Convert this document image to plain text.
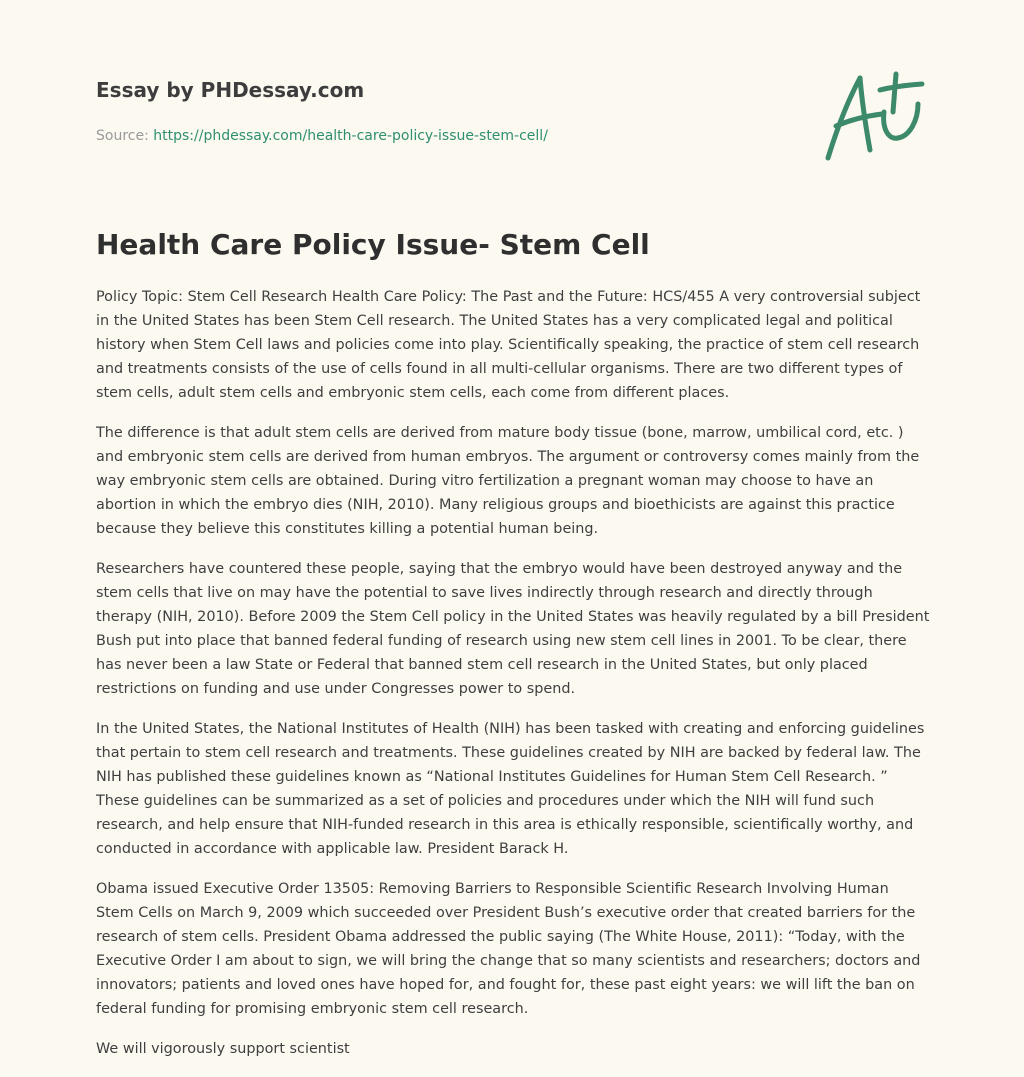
Essay by PHDessay.com
Source: https://phdessay.com/health-care-policy-issue-stem-cell/
Health Care Policy Issue- Stem Cell

Policy Topic: Stem Cell Research Health Care Policy: The Past and the Future: HCS/455 A very controversial subject in the United States has been Stem Cell research. The United States has a very complicated legal and political history when Stem Cell laws and policies come into play. Scientifically speaking, the practice of stem cell research and treatments consists of the use of cells found in all multi-cellular organisms. There are two different types of stem cells, adult stem cells and embryonic stem cells, each come from different places.

The difference is that adult stem cells are derived from mature body tissue (bone, marrow, umbilical cord, etc. ) and embryonic stem cells are derived from human embryos. The argument or controversy comes mainly from the way embryonic stem cells are obtained. During vitro fertilization a pregnant woman may choose to have an abortion in which the embryo dies (NIH, 2010). Many religious groups and bioethicists are against this practice because they believe this constitutes killing a potential human being.

Researchers have countered these people, saying that the embryo would have been destroyed anyway and the stem cells that live on may have the potential to save lives indirectly through research and directly through therapy (NIH, 2010). Before 2009 the Stem Cell policy in the United States was heavily regulated by a bill President Bush put into place that banned federal funding of research using new stem cell lines in 2001. To be clear, there has never been a law State or Federal that banned stem cell research in the United States, but only placed restrictions on funding and use under Congresses power to spend.

In the United States, the National Institutes of Health (NIH) has been tasked with creating and enforcing guidelines that pertain to stem cell research and treatments. These guidelines created by NIH are backed by federal law. The NIH has published these guidelines known as “National Institutes Guidelines for Human Stem Cell Research. ” These guidelines can be summarized as a set of policies and procedures under which the NIH will fund such research, and help ensure that NIH-funded research in this area is ethically responsible, scientifically worthy, and conducted in accordance with applicable law. President Barack H.

Obama issued Executive Order 13505: Removing Barriers to Responsible Scientific Research Involving Human Stem Cells on March 9, 2009 which succeeded over President Bush’s executive order that created barriers for the research of stem cells. President Obama addressed the public saying (The White House, 2011): “Today, with the Executive Order I am about to sign, we will bring the change that so many scientists and researchers; doctors and innovators; patients and loved ones have hoped for, and fought for, these past eight years: we will lift the ban on federal funding for promising embryonic stem cell research.

We will vigorously support scientist
